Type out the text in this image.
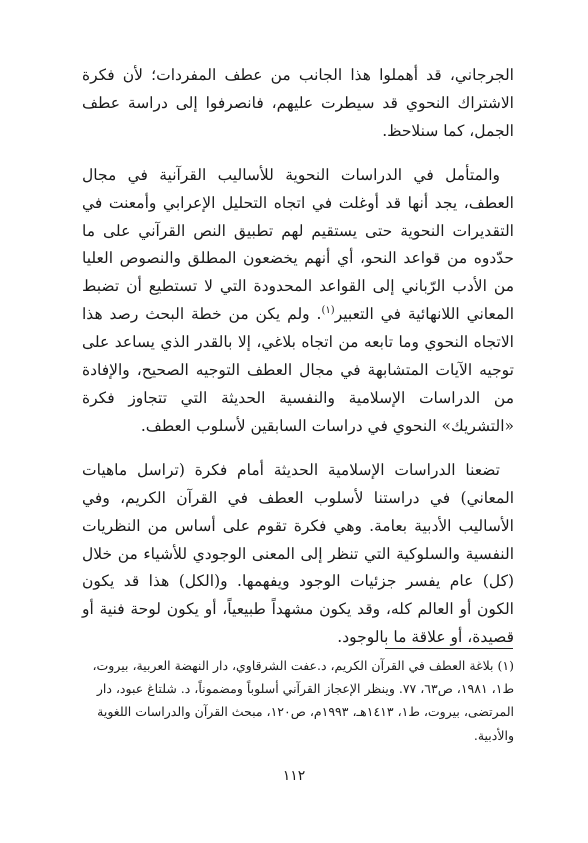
الجرجاني، قد أهملوا هذا الجانب من عطف المفردات؛ لأن فكرة الاشتراك النحوي قد سيطرت عليهم، فانصرفوا إلى دراسة عطف الجمل، كما سنلاحظ.

والمتأمل في الدراسات النحوية للأساليب القرآنية في مجال العطف، يجد أنها قد أوغلت في اتجاه التحليل الإعرابي وأمعنت في التقديرات النحوية حتى يستقيم لهم تطبيق النص القرآني على ما حدّدوه من قواعد النحو، أي أنهم يخضعون المطلق والنصوص العليا من الأدب الرّباني إلى القواعد المحدودة التي لا تستطيع أن تضبط المعاني اللانهائية في التعبير$^{(١)}$. ولم يكن من خطة البحث رصد هذا الاتجاه النحوي وما تابعه من اتجاه بلاغي، إلا بالقدر الذي يساعد على توجيه الآيات المتشابهة في مجال العطف التوجيه الصحيح، والإفادة من الدراسات الإسلامية والنفسية الحديثة التي تتجاوز فكرة «التشريك» النحوي في دراسات السابقين لأسلوب العطف.

تضعنا الدراسات الإسلامية الحديثة أمام فكرة (تراسل ماهيات المعاني) في دراستنا لأسلوب العطف في القرآن الكريم، وفي الأساليب الأدبية بعامة. وهي فكرة تقوم على أساس من النظريات النفسية والسلوكية التي تنظر إلى المعنى الوجودي للأشياء من خلال (كل) عام يفسر جزئيات الوجود ويفهمها. و(الكل) هذا قد يكون الكون أو العالم كله، وقد يكون مشهداً طبيعياً، أو يكون لوحة فنية أو قصيدة، أو علاقة ما بالوجود.

(١) بلاغة العطف في القرآن الكريم، د.عفت الشرقاوي، دار النهضة العربية، بيروت، ط١، ١٩٨١، ص٦٣، ٧٧. وينظر الإعجاز القرآني أسلوباً ومضموناً، د. شلتاغ عبود، دار المرتضى، بيروت، ط١، ١٤١٣هـ، ١٩٩٣م، ص١٢٠، مبحث القرآن والدراسات اللغوية والأدبية.

١١٢
